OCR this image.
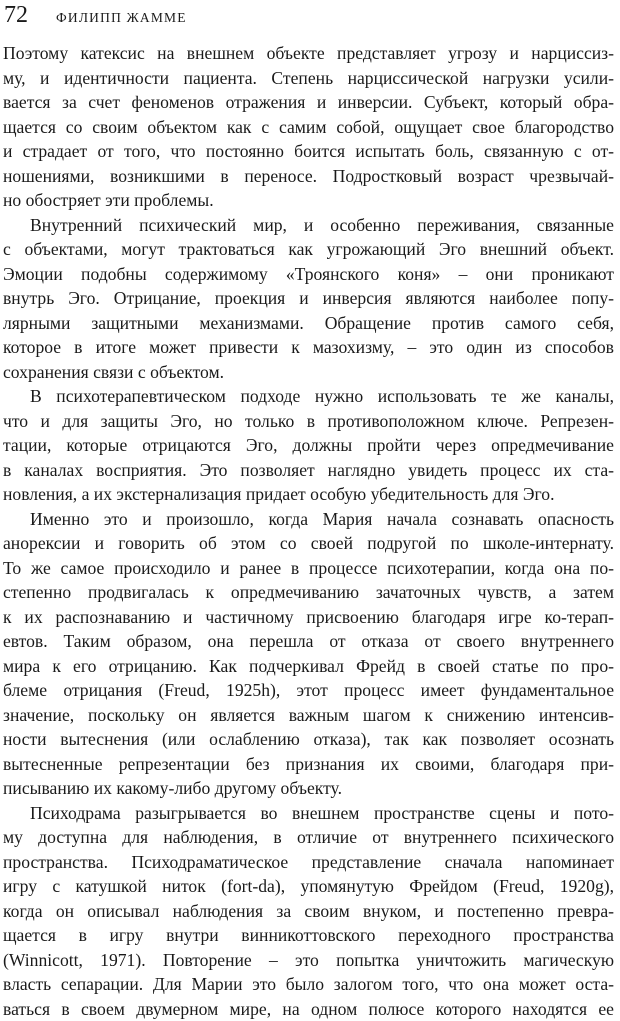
72 ФИЛИПП ЖАММЕ
Поэтому катексис на внешнем объекте представляет угрозу и нарциссиз-
му, и идентичности пациента. Степень нарциссической нагрузки усили-
вается за счет феноменов отражения и инверсии. Субъект, который обра-
щается со своим объектом как с самим собой, ощущает свое благородство
и страдает от того, что постоянно боится испытать боль, связанную с от-
ношениями, возникшими в переносе. Подростковый возраст чрезвычай-
но обостряет эти проблемы.
Внутренний психический мир, и особенно переживания, связанные
с объектами, могут трактоваться как угрожающий Эго внешний объект.
Эмоции подобны содержимому «Троянского коня» – они проникают
внутрь Эго. Отрицание, проекция и инверсия являются наиболее попу-
лярными защитными механизмами. Обращение против самого себя,
которое в итоге может привести к мазохизму, – это один из способов
сохранения связи с объектом.
В психотерапевтическом подходе нужно использовать те же каналы,
что и для защиты Эго, но только в противоположном ключе. Репрезен-
тации, которые отрицаются Эго, должны пройти через опредмечивание
в каналах восприятия. Это позволяет наглядно увидеть процесс их ста-
новления, а их экстернализация придает особую убедительность для Эго.
Именно это и произошло, когда Мария начала сознавать опасность
анорексии и говорить об этом со своей подругой по школе-интернату.
То же самое происходило и ранее в процессе психотерапии, когда она по-
степенно продвигалась к опредмечиванию зачаточных чувств, а затем
к их распознаванию и частичному присвоению благодаря игре ко-терап-
евтов. Таким образом, она перешла от отказа от своего внутреннего
мира к его отрицанию. Как подчеркивал Фрейд в своей статье по про-
блеме отрицания (Freud, 1925h), этот процесс имеет фундаментальное
значение, поскольку он является важным шагом к снижению интенсив-
ности вытеснения (или ослаблению отказа), так как позволяет осознать
вытесненные репрезентации без признания их своими, благодаря при-
писыванию их какому-либо другому объекту.
Психодрама разыгрывается во внешнем пространстве сцены и пото-
му доступна для наблюдения, в отличие от внутреннего психического
пространства. Психодраматическое представление сначала напоминает
игру с катушкой ниток (fort-da), упомянутую Фрейдом (Freud, 1920g),
когда он описывал наблюдения за своим внуком, и постепенно превра-
щается в игру внутри винникоттовского переходного пространства
(Winnicott, 1971). Повторение – это попытка уничтожить магическую
власть сепарации. Для Марии это было залогом того, что она может оста-
ваться в своем двумерном мире, на одном полюсе которого находятся ее
